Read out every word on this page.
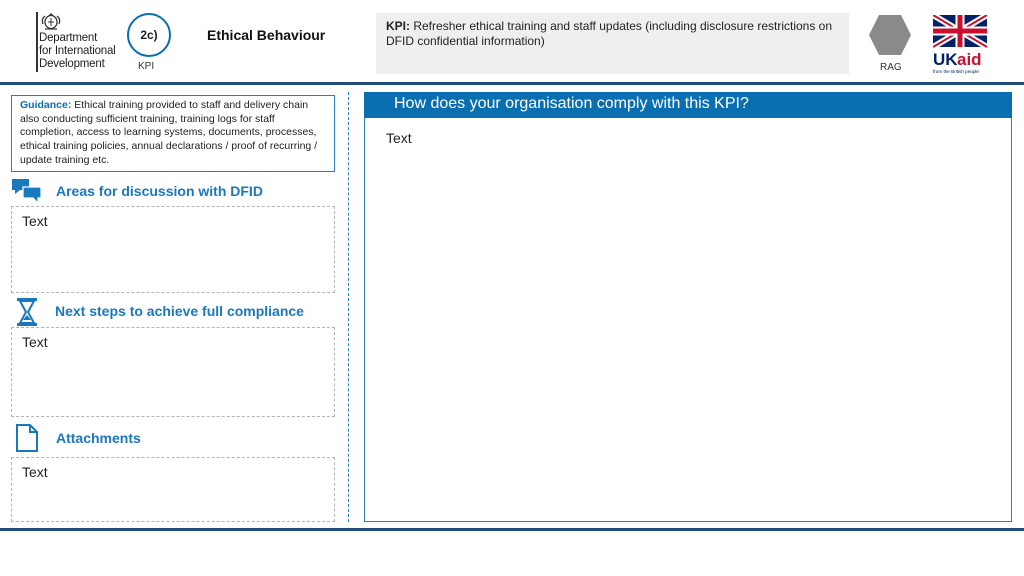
Department
for International
Development
2c)
KPI
Ethical Behaviour
KPI: Refresher ethical training and staff updates (including disclosure restrictions on DFID confidential information)
RAG UK aid
from the British people
Guidance: Ethical training provided to staff and delivery chain also conducting sufficient training, training logs for staff completion, access to learning systems, documents, processes, ethical training policies, annual declarations / proof of recurring / update training etc.
Areas for discussion with DFID
Text
Next steps to achieve full compliance
Text
Attachments
Text
How does your organisation comply with this KPI?
Text
